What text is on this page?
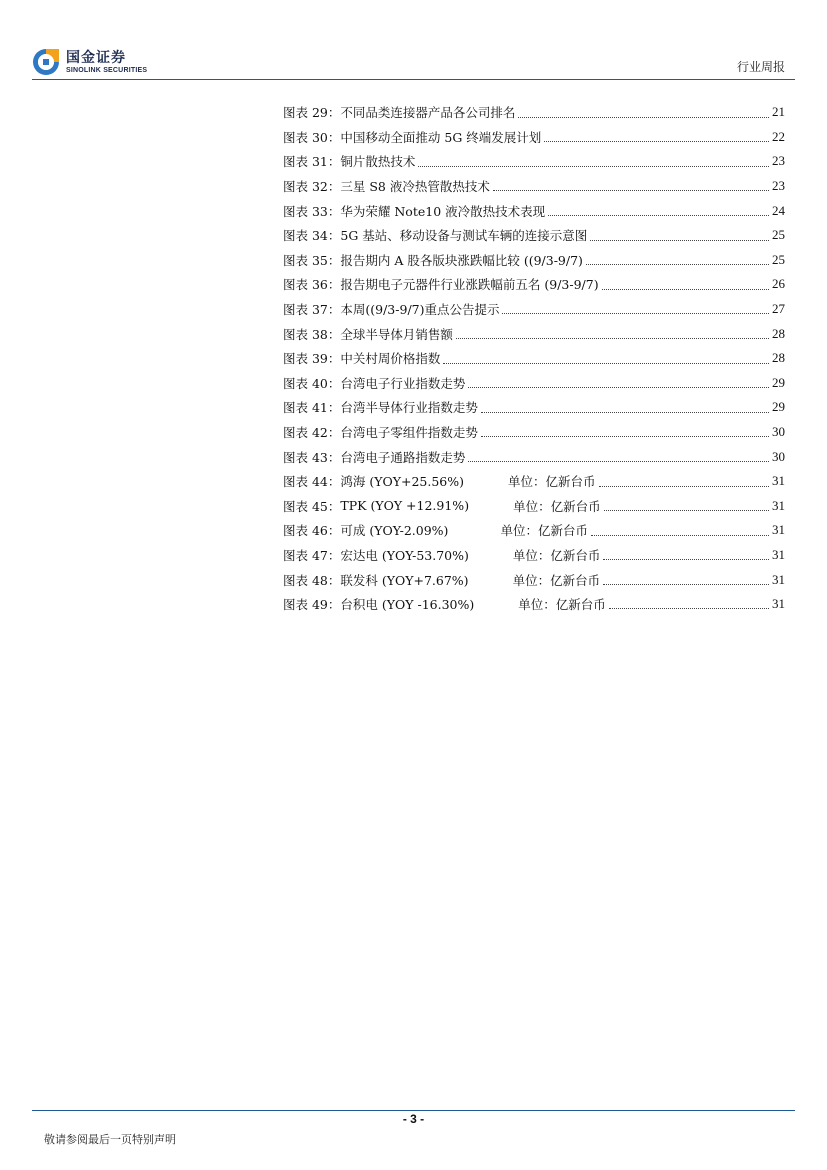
国金证券
SINOLINK SECURITIES	行业周报
图表 29： 不同品类连接器产品各公司排名	21
图表 30： 中国移动全面推动 5G 终端发展计划	22
图表 31： 铜片散热技术	23
图表 32： 三星 S8 液冷热管散热技术	23
图表 33： 华为荣耀 Note10 液冷散热技术表现	24
图表 34： 5G 基站、移动设备与测试车辆的连接示意图	25
图表 35： 报告期内 A 股各版块涨跌幅比较 ((9/3-9/7)	25
图表 36： 报告期电子元器件行业涨跌幅前五名 (9/3-9/7)	26
图表 37： 本周((9/3-9/7)重点公告提示	27
图表 38： 全球半导体月销售额	28
图表 39： 中关村周价格指数	28
图表 40： 台湾电子行业指数走势	29
图表 41： 台湾半导体行业指数走势	29
图表 42： 台湾电子零组件指数走势	30
图表 43： 台湾电子通路指数走势	30
图表 44： 鸿海 (YOY+25.56%)	单位：亿新台币	31
图表 45： TPK (YOY +12.91%)	单位：亿新台币	31
图表 46： 可成 (YOY-2.09%)	单位：亿新台币	31
图表 47： 宏达电 (YOY-53.70%)	单位：亿新台币	31
图表 48： 联发科 (YOY+7.67%)	单位：亿新台币	31
图表 49： 台积电 (YOY -16.30%)	单位：亿新台币	31
- 3 -
敬请参阅最后一页特别声明
